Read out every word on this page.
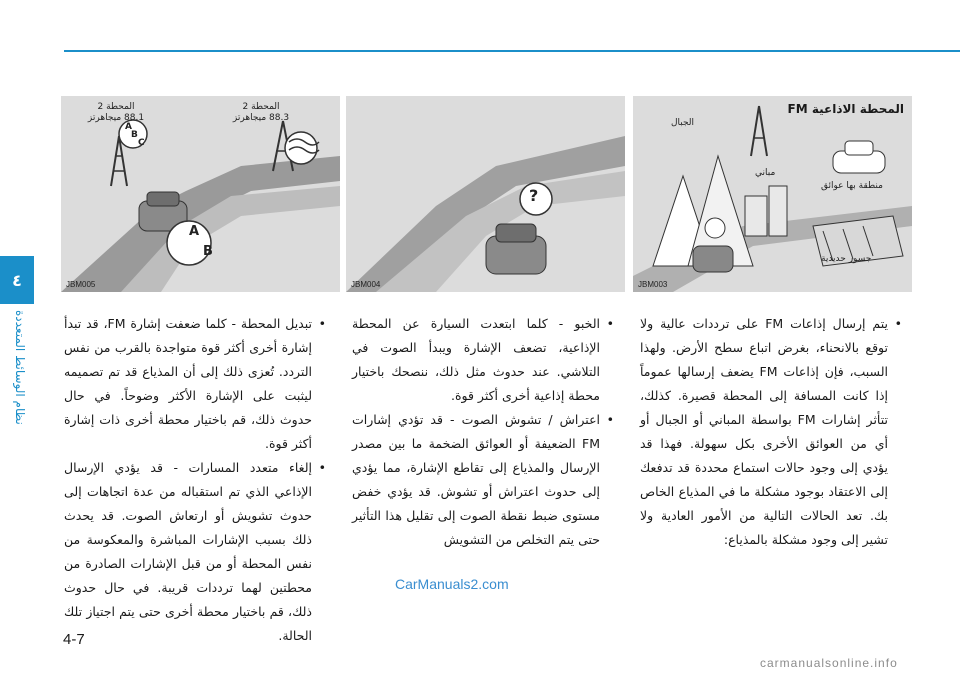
٤
نظام الوسائط المتعددة
المحطة 2
88.1 ميجاهرتز
المحطة 2
88.3 ميجاهرتز
A
B
C
A
B
JBM005
?
JBM004
المحطة الاذاعية FM
الجبال
مباني
منطقة بها عوائق
جسور حديدية
JBM003
• يتم إرسال إذاعات FM على ترددات عالية ولا توقع بالانحناء، بغرض اتباع سطح الأرض. ولهذا السبب، فإن إذاعات FM يضعف إرسالها عموماً إذا كانت المسافة إلى المحطة قصيرة. كذلك، تتأثر إشارات FM بواسطة المباني أو الجبال أو أي من العوائق الأخرى بكل سهولة. فهذا قد يؤدي إلى وجود حالات استماع محددة قد تدفعك إلى الاعتقاد بوجود مشكلة ما في المذياع الخاص بك. تعد الحالات التالية من الأمور العادية ولا تشير إلى وجود مشكلة بالمذياع:
• الخبو - كلما ابتعدت السيارة عن المحطة الإذاعية، تضعف الإشارة ويبدأ الصوت في التلاشي. عند حدوث مثل ذلك، ننصحك باختيار محطة إذاعية أخرى أكثر قوة.
• اعتراش / تشوش الصوت - قد تؤدي إشارات FM الضعيفة أو العوائق الضخمة ما بين مصدر الإرسال والمذياع إلى تقاطع الإشارة، مما يؤدي إلى حدوث اعتراش أو تشوش. قد يؤدي خفض مستوى ضبط نقطة الصوت إلى تقليل هذا التأثير حتى يتم التخلص من التشويش
• تبديل المحطة - كلما ضعفت إشارة FM، قد تبدأ إشارة أخرى أكثر قوة متواجدة بالقرب من نفس التردد. تُعزى ذلك إلى أن المذياع قد تم تصميمه ليثبت على الإشارة الأكثر وضوحاً. في حال حدوث ذلك، قم باختيار محطة أخرى ذات إشارة أكثر قوة.
• إلغاء متعدد المسارات - قد يؤدي الإرسال الإذاعي الذي تم استقباله من عدة اتجاهات إلى حدوث تشويش أو ارتعاش الصوت. قد يحدث ذلك بسبب الإشارات المباشرة والمعكوسة من نفس المحطة أو من قبل الإشارات الصادرة من محطتين لهما ترددات قريبة. في حال حدوث ذلك، قم باختيار محطة أخرى حتى يتم اجتياز تلك الحالة.
CarManuals2.com
4-7
carmanualsonline.info
